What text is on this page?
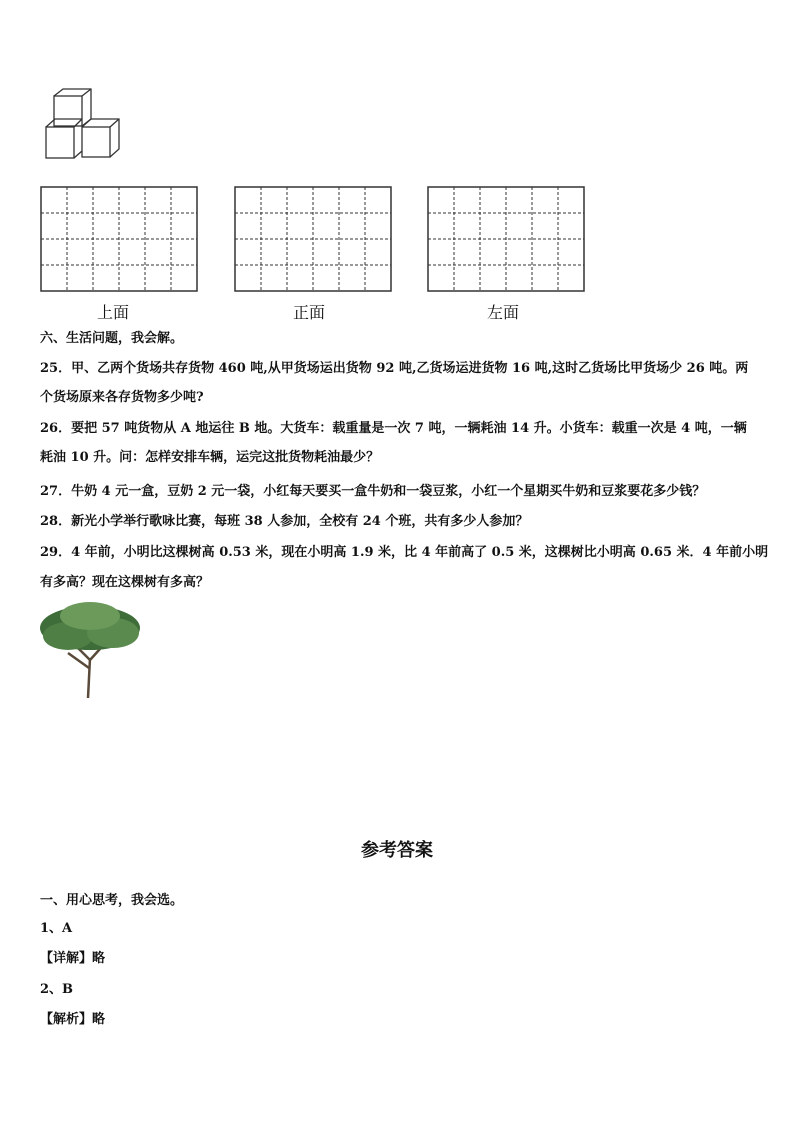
上面	正面	左面
六、生活问题，我会解。
25．甲、乙两个货场共存货物 460 吨,从甲货场运出货物 92 吨,乙货场运进货物 16 吨,这时乙货场比甲货场少 26 吨。两
个货场原来各存货物多少吨?
26．要把 57 吨货物从 A 地运往 B 地。大货车：载重量是一次 7 吨，一辆耗油 14 升。小货车：载重一次是 4 吨，一辆
耗油 10 升。问：怎样安排车辆，运完这批货物耗油最少？
27．牛奶 4 元一盒，豆奶 2 元一袋，小红每天要买一盒牛奶和一袋豆浆，小红一个星期买牛奶和豆浆要花多少钱？
28．新光小学举行歌咏比赛，每班 38 人参加，全校有 24 个班，共有多少人参加？
29．4 年前，小明比这棵树高 0.53 米，现在小明高 1.9 米，比 4 年前高了 0.5 米，这棵树比小明高 0.65 米．4 年前小明
有多高？现在这棵树有多高？
参考答案
一、用心思考，我会选。
1、A
【详解】略
2、B
【解析】略
